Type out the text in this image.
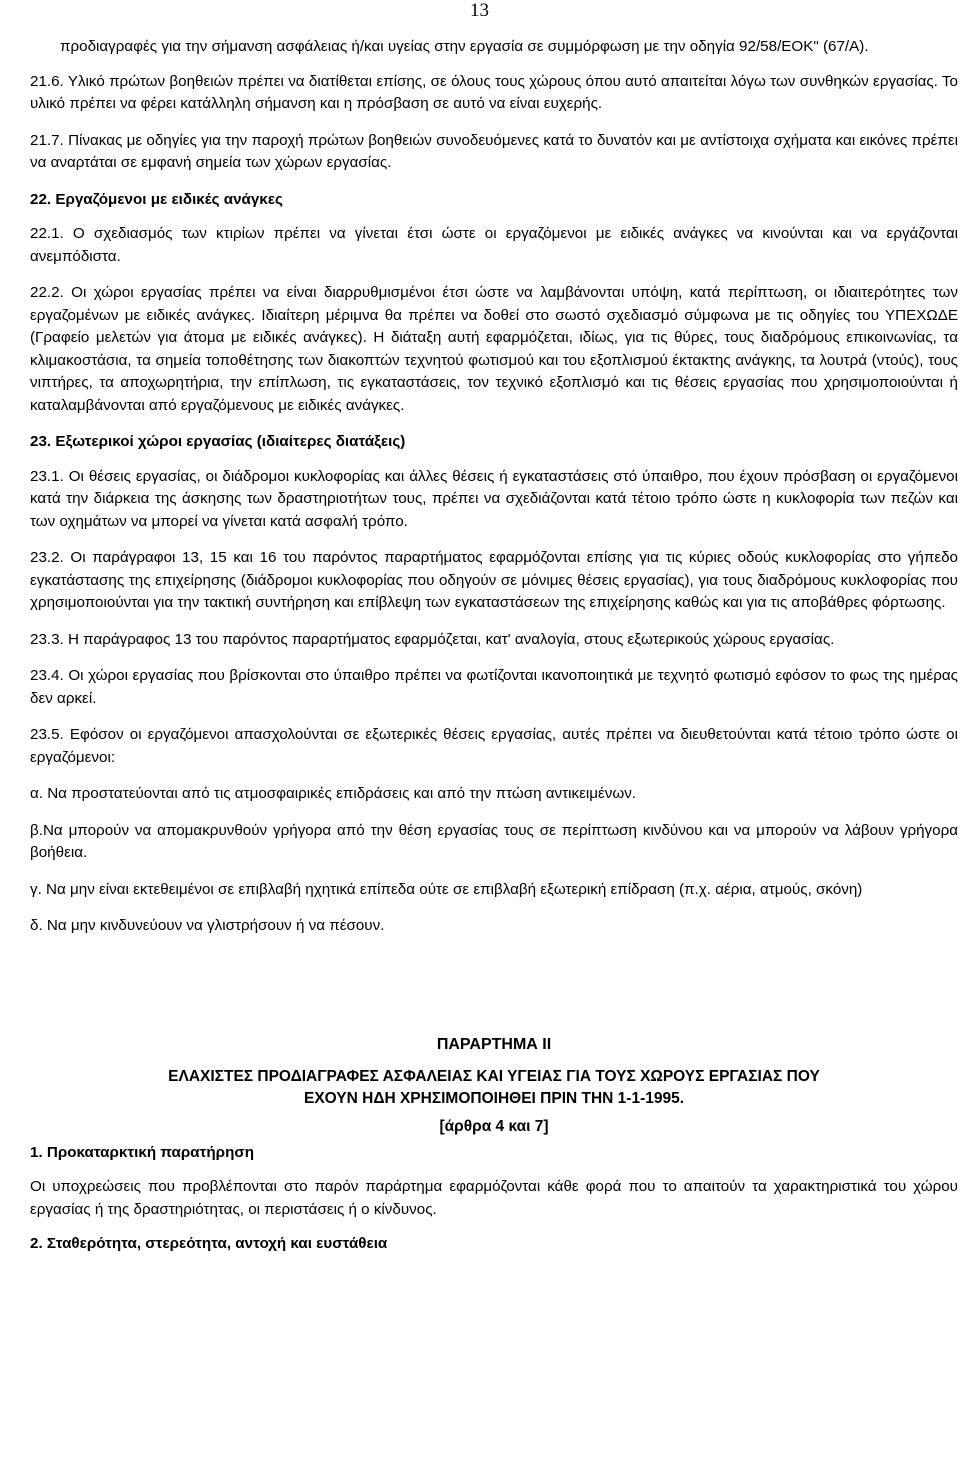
13

προδιαγραφές για την σήμανση ασφάλειας ή/και υγείας στην εργασία σε συμμόρφωση με την οδηγία 92/58/ΕΟΚ" (67/Α).

21.6. Υλικό πρώτων βοηθειών πρέπει να διατίθεται επίσης, σε όλους τους χώρους όπου αυτό απαιτείται λόγω των συνθηκών εργασίας. Το υλικό πρέπει να φέρει κατάλληλη σήμανση και η πρόσβαση σε αυτό να είναι ευχερής.

21.7. Πίνακας με οδηγίες για την παροχή πρώτων βοηθειών συνοδευόμενες κατά το δυνατόν και με αντίστοιχα σχήματα και εικόνες πρέπει να αναρτάται σε εμφανή σημεία των χώρων εργασίας.

22. Εργαζόμενοι με ειδικές ανάγκες

22.1. Ο σχεδιασμός των κτιρίων πρέπει να γίνεται έτσι ώστε οι εργαζόμενοι με ειδικές ανάγκες να κινούνται και να εργάζονται ανεμπόδιστα.

22.2. Οι χώροι εργασίας πρέπει να είναι διαρρυθμισμένοι έτσι ώστε να λαμβάνονται υπόψη, κατά περίπτωση, οι ιδιαιτερότητες των εργαζομένων με ειδικές ανάγκες. Ιδιαίτερη μέριμνα θα πρέπει να δοθεί στο σωστό σχεδιασμό σύμφωνα με τις οδηγίες του ΥΠΕΧΩΔΕ (Γραφείο μελετών για άτομα με ειδικές ανάγκες). Η διάταξη αυτή εφαρμόζεται, ιδίως, για τις θύρες, τους διαδρόμους επικοινωνίας, τα κλιμακοστάσια, τα σημεία τοποθέτησης των διακοπτών τεχνητού φωτισμού και του εξοπλισμού έκτακτης ανάγκης, τα λουτρά (ντούς), τους νιπτήρες, τα αποχωρητήρια, την επίπλωση, τις εγκαταστάσεις, τον τεχνικό εξοπλισμό και τις θέσεις εργασίας που χρησιμοποιούνται ή καταλαμβάνονται από εργαζόμενους με ειδικές ανάγκες.

23. Εξωτερικοί χώροι εργασίας (ιδιαίτερες διατάξεις)

23.1. Οι θέσεις εργασίας, οι διάδρομοι κυκλοφορίας και άλλες θέσεις ή εγκαταστάσεις στό ύπαιθρο, που έχουν πρόσβαση οι εργαζόμενοι κατά την διάρκεια της άσκησης των δραστηριοτήτων τους, πρέπει να σχεδιάζονται κατά τέτοιο τρόπο ώστε η κυκλοφορία των πεζών και των οχημάτων να μπορεί να γίνεται κατά ασφαλή τρόπο.

23.2. Οι παράγραφοι 13, 15 και 16 του παρόντος παραρτήματος εφαρμόζονται επίσης για τις κύριες οδούς κυκλοφορίας στο γήπεδο εγκατάστασης της επιχείρησης (διάδρομοι κυκλοφορίας που οδηγούν σε μόνιμες θέσεις εργασίας), για τους διαδρόμους κυκλοφορίας που χρησιμοποιούνται για την τακτική συντήρηση και επίβλεψη των εγκαταστάσεων της επιχείρησης καθώς και για τις αποβάθρες φόρτωσης.

23.3. Η παράγραφος 13 του παρόντος παραρτήματος εφαρμόζεται, κατ' αναλογία, στους εξωτερικούς χώρους εργασίας.

23.4. Οι χώροι εργασίας που βρίσκονται στο ύπαιθρο πρέπει να φωτίζονται ικανοποιητικά με τεχνητό φωτισμό εφόσον το φως της ημέρας δεν αρκεί.

23.5. Εφόσον οι εργαζόμενοι απασχολούνται σε εξωτερικές θέσεις εργασίας, αυτές πρέπει να διευθετούνται κατά τέτοιο τρόπο ώστε οι εργαζόμενοι:

α. Να προστατεύονται από τις ατμοσφαιρικές επιδράσεις και από την πτώση αντικειμένων.

β.Να μπορούν να απομακρυνθούν γρήγορα από την θέση εργασίας τους σε περίπτωση κινδύνου και να μπορούν να λάβουν γρήγορα βοήθεια.

γ. Να μην είναι εκτεθειμένοι σε επιβλαβή ηχητικά επίπεδα ούτε σε επιβλαβή εξωτερική επίδραση (π.χ. αέρια, ατμούς, σκόνη)

δ. Να μην κινδυνεύουν να γλιστρήσουν ή να πέσουν.

ΠΑΡΑΡΤΗΜΑ ΙΙ

ΕΛΑΧΙΣΤΕΣ ΠΡΟΔΙΑΓΡΑΦΕΣ ΑΣΦΑΛΕΙΑΣ ΚΑΙ ΥΓΕΙΑΣ ΓΙΑ ΤΟΥΣ ΧΩΡΟΥΣ ΕΡΓΑΣΙΑΣ ΠΟΥ

ΕΧΟΥΝ ΗΔΗ ΧΡΗΣΙΜΟΠΟΙΗΘΕΙ ΠΡΙΝ ΤΗΝ 1-1-1995.

[άρθρα 4 και 7]

1. Προκαταρκτική παρατήρηση

Οι υποχρεώσεις που προβλέπονται στο παρόν παράρτημα εφαρμόζονται κάθε φορά που το απαιτούν τα χαρακτηριστικά του χώρου εργασίας ή της δραστηριότητας, οι περιστάσεις ή ο κίνδυνος.

2. Σταθερότητα, στερεότητα, αντοχή και ευστάθεια
